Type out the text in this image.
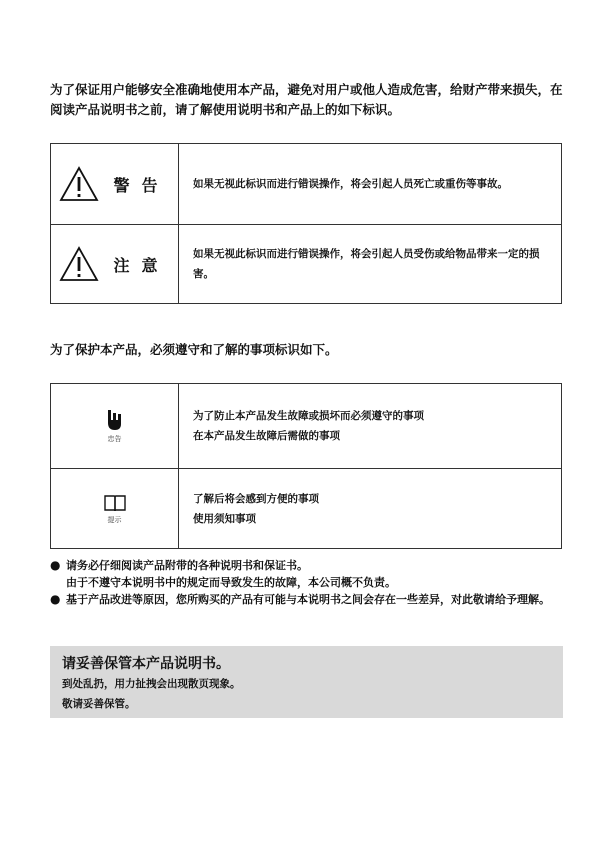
为了保证用户能够安全准确地使用本产品，避免对用户或他人造成危害，给财产带来损失，在阅读产品说明书之前，请了解使用说明书和产品上的如下标识。
警告	如果无视此标识而进行错误操作，将会引起人员死亡或重伤等事故。
注意
如果无视此标识而进行错误操作，将会引起人员受伤或给物品带来一定的损害。
为了保护本产品，必须遵守和了解的事项标识如下。
忠告
为了防止本产品发生故障或损坏而必须遵守的事项
在本产品发生故障后需做的事项
提示
了解后将会感到方便的事项
使用须知事项
● 请务必仔细阅读产品附带的各种说明书和保证书。
由于不遵守本说明书中的规定而导致发生的故障，本公司概不负责。
● 基于产品改进等原因，您所购买的产品有可能与本说明书之间会存在一些差异，对此敬请给予理解。
请妥善保管本产品说明书。
到处乱扔，用力扯拽会出现散页现象。
敬请妥善保管。
